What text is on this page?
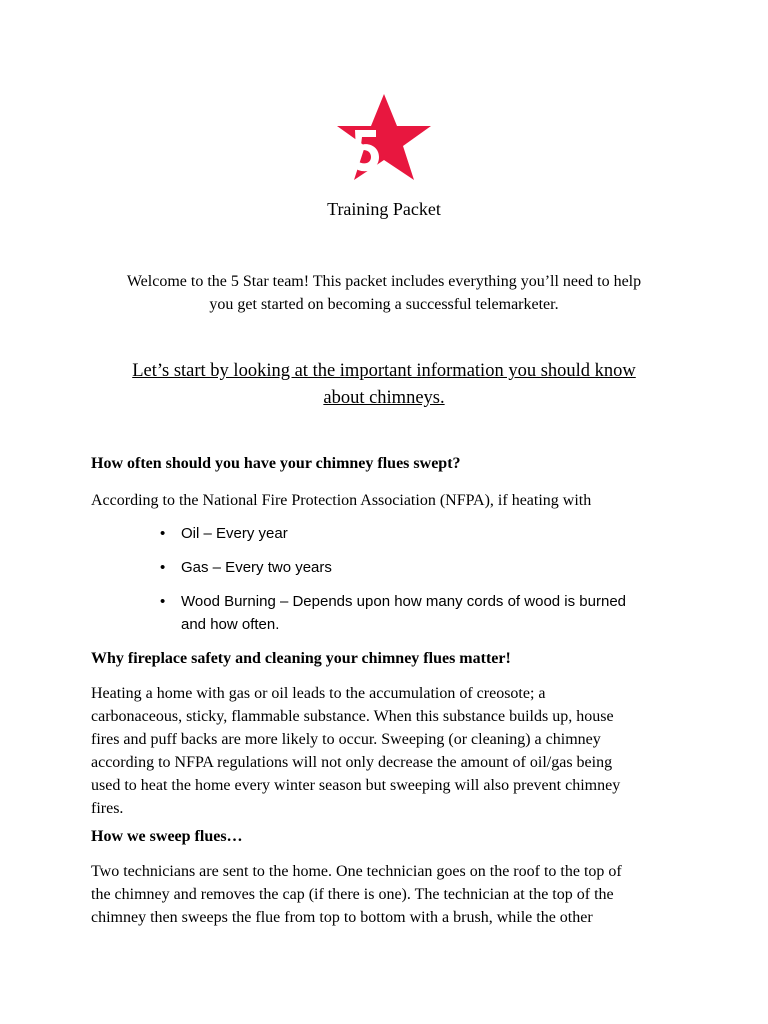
Training Packet
Welcome to the 5 Star team! This packet includes everything you’ll need to help
you get started on becoming a successful telemarketer.
Let’s start by looking at the important information you should know
about chimneys.
How often should you have your chimney flues swept?
According to the National Fire Protection Association (NFPA), if heating with
• Oil – Every year
• Gas – Every two years
• Wood Burning – Depends upon how many cords of wood is burned
and how often.
Why fireplace safety and cleaning your chimney flues matter!
Heating a home with gas or oil leads to the accumulation of creosote; a
carbonaceous, sticky, flammable substance. When this substance builds up, house
fires and puff backs are more likely to occur. Sweeping (or cleaning) a chimney
according to NFPA regulations will not only decrease the amount of oil/gas being
used to heat the home every winter season but sweeping will also prevent chimney
fires.
How we sweep flues…
Two technicians are sent to the home. One technician goes on the roof to the top of
the chimney and removes the cap (if there is one). The technician at the top of the
chimney then sweeps the flue from top to bottom with a brush, while the other
